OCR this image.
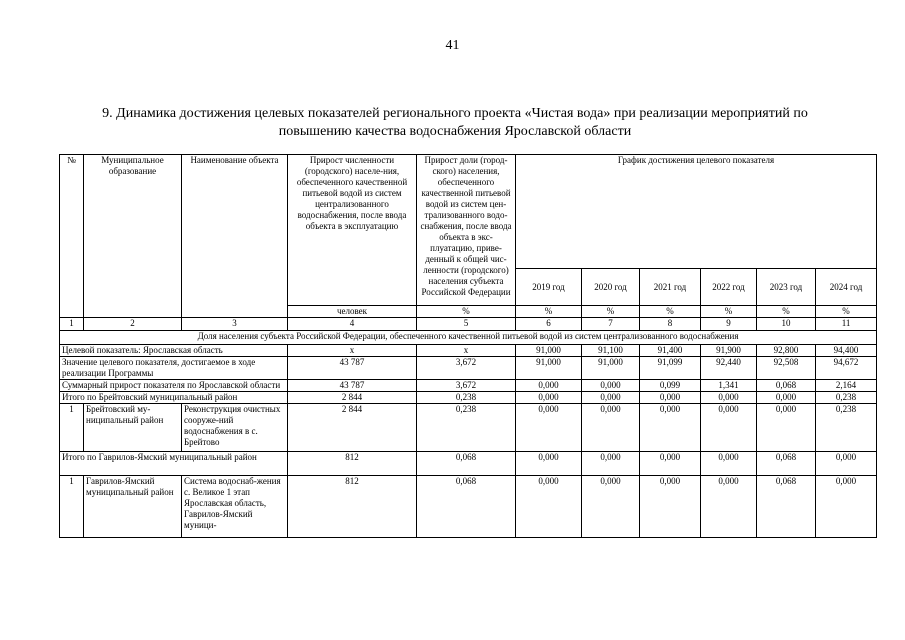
41
9. Динамика достижения целевых показателей регионального проекта «Чистая вода» при реализации мероприятий по
повышению качества водоснабжения Ярославской области
№	Муниципальное образование	Наименование объекта	Прирост численности (городского) населе-ния, обеспеченного качественной питьевой водой из систем централизованного водоснабжения, после ввода объекта в эксплуатацию	Прирост доли (город-ского) населения, обеспеченного качественной питьевой водой из систем цен-трализованного водо-снабжения, после ввода объекта в экс-плуатацию, приве-денный к общей чис-ленности (городского) населения субъекта Российской Федерации	График достижения целевого показателя					
					2019 год	2020 год	2021 год	2022 год	2023 год	2024 год
			человек	%	%	%	%	%	%	%
1	2	3	4	5	6	7	8	9	10	11
Доля населения субъекта Российской Федерации, обеспеченного качественной питьевой водой из систем централизованного водоснабжения										
Целевой показатель: Ярославская область			х	х	91,000	91,100	91,400	91,900	92,800	94,400
Значение целевого показателя, достигаемое в ходе реализации Программы			43 787	3,672	91,000	91,000	91,099	92,440	92,508	94,672
Суммарный прирост показателя по Ярославской области			43 787	3,672	0,000	0,000	0,099	1,341	0,068	2,164
Итого по Брейтовский муниципальный район			2 844	0,238	0,000	0,000	0,000	0,000	0,000	0,238
1	Брейтовский му-ниципальный район	Реконструкция очистных сооруже-ний водоснабжения в с. Брейтово	2 844	0,238	0,000	0,000	0,000	0,000	0,000	0,238
Итого по Гаврилов-Ямский муниципальный район			812	0,068	0,000	0,000	0,000	0,000	0,068	0,000
1	Гаврилов-Ямский муниципальный район	Система водоснаб-жения с. Великое 1 этап Ярославская область, Гаврилов-Ямский муници-	812	0,068	0,000	0,000	0,000	0,000	0,068	0,000
